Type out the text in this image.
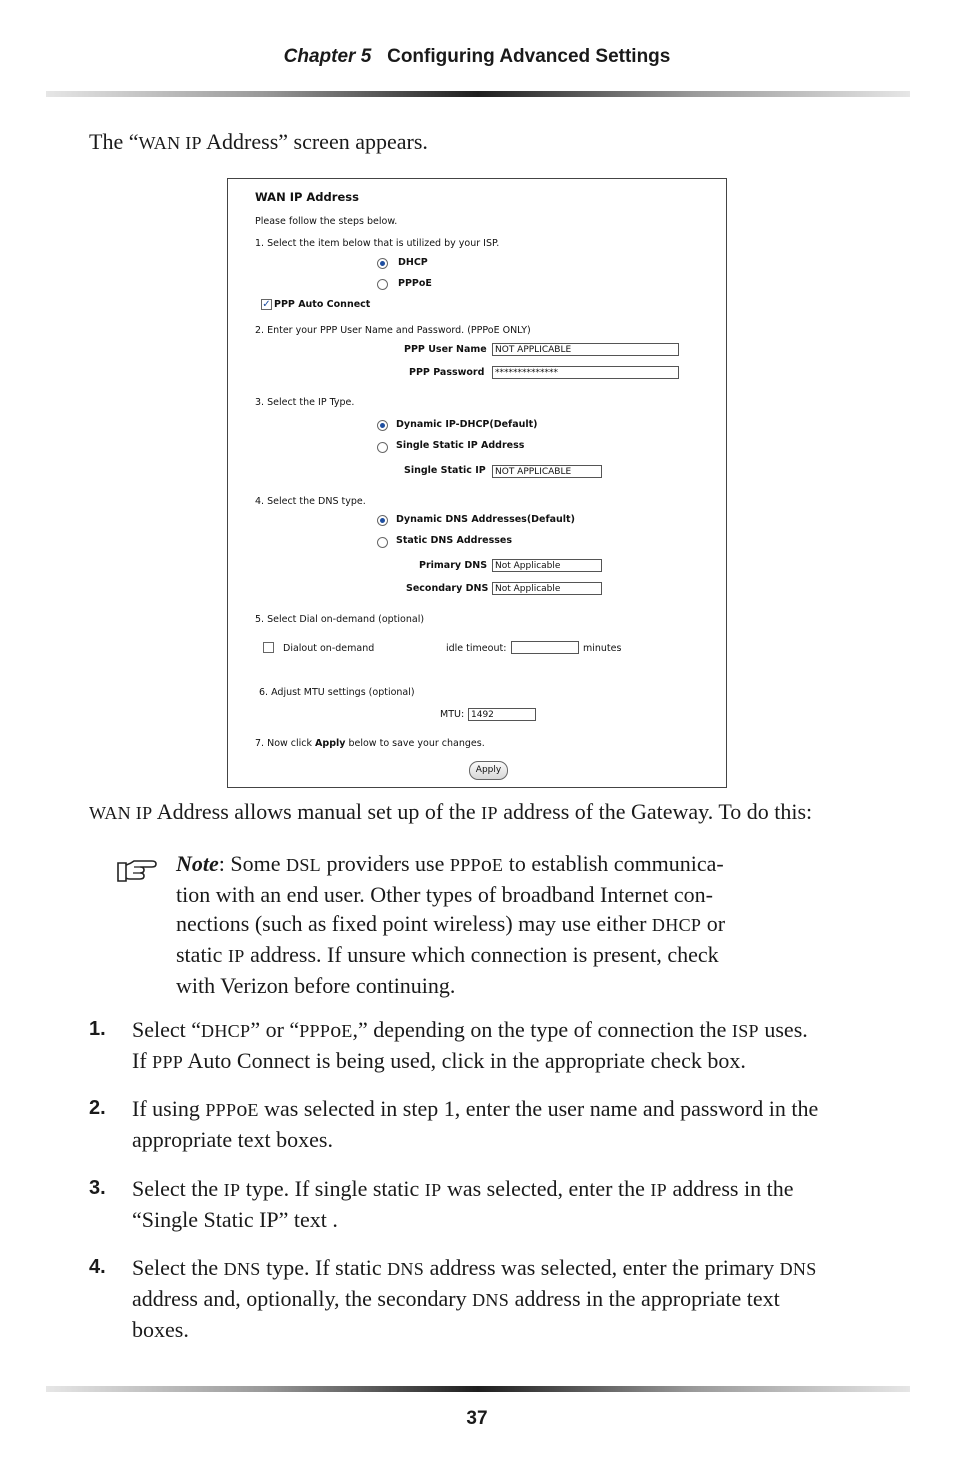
Chapter 5 Configuring Advanced Settings
The “WAN IP Address” screen appears.
WAN IP Address
Please follow the steps below.
1. Select the item below that is utilized by your ISP.
DHCP
PPPoE
✓ PPP Auto Connect
2. Enter your PPP User Name and Password. (PPPoE ONLY)
PPP User Name NOT APPLICABLE
PPP Password	**************
3. Select the IP Type.
Dynamic IP-DHCP(Default)
Single Static IP Address
Single Static IP	NOT APPLICABLE
4. Select the DNS type.
Dynamic DNS Addresses(Default)
Static DNS Addresses
Primary DNS Not Applicable
Secondary DNS Not Applicable
5. Select Dial on-demand (optional)
Dialout on-demand	idle timeout:	minutes
6. Adjust MTU settings (optional)
MTU: 1492
7. Now click Apply below to save your changes.
Apply
WAN IP Address allows manual set up of the IP address of the Gateway. To do this:
Note: Some DSL providers use PPPoE to establish communica-
tion with an end user. Other types of broadband Internet con-
nections (such as fixed point wireless) may use either DHCP or
static IP address. If unsure which connection is present, check
with Verizon before continuing.
1. Select “DHCP” or “PPPoE,” depending on the type of connection the ISP uses.
If PPP Auto Connect is being used, click in the appropriate check box.
2. If using PPPoE was selected in step 1, enter the user name and password in the
appropriate text boxes.
3. Select the IP type. If single static IP was selected, enter the IP address in the
“Single Static IP” text .
4. Select the DNS type. If static DNS address was selected, enter the primary DNS
address and, optionally, the secondary DNS address in the appropriate text
boxes.
37
